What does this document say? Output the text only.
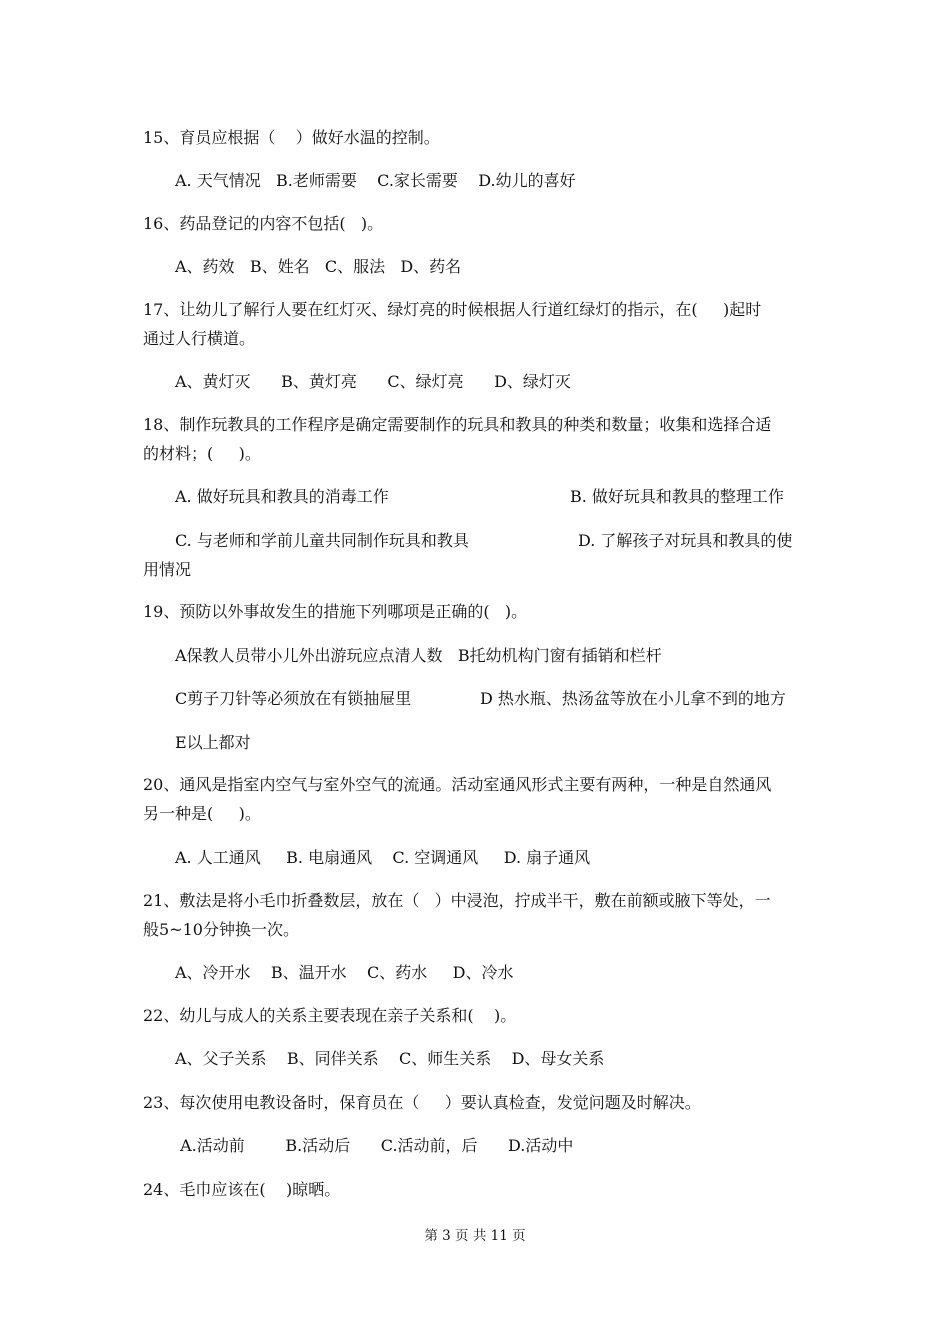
15、育员应根据（    ）做好水温的控制。
A. 天气情况   B.老师需要    C.家长需要    D.幼儿的喜好
16、药品登记的内容不包括(   )。
A、药效   B、姓名   C、服法   D、药名
17、让幼儿了解行人要在红灯灭、绿灯亮的时候根据人行道红绿灯的指示，在(     )起时
通过人行横道。
A、黄灯灭      B、黄灯亮      C、绿灯亮      D、绿灯灭
18、制作玩教具的工作程序是确定需要制作的玩具和教具的种类和数量；收集和选择合适
的材料；(     )。
A. 做好玩具和教具的消毒工作	B. 做好玩具和教具的整理工作
C. 与老师和学前儿童共同制作玩具和教具	D. 了解孩子对玩具和教具的使
用情况
19、预防以外事故发生的措施下列哪项是正确的(   )。
A保教人员带小儿外出游玩应点清人数   B托幼机构门窗有插销和栏杆
C剪子刀针等必须放在有锁抽屉里	D 热水瓶、热汤盆等放在小儿拿不到的地方
E以上都对
20、通风是指室内空气与室外空气的流通。活动室通风形式主要有两种，一种是自然通风
另一种是(     )。
A. 人工通风     B. 电扇通风    C. 空调通风     D. 扇子通风
21、敷法是将小毛巾折叠数层，放在（   ）中浸泡，拧成半干，敷在前额或腋下等处，一
般5~10分钟换一次。
A、冷开水    B、温开水    C、药水     D、冷水
22、幼儿与成人的关系主要表现在亲子关系和(    )。
A、父子关系    B、同伴关系    C、师生关系    D、母女关系
23、每次使用电教设备时，保育员在（     ）要认真检查，发觉问题及时解决。
A.活动前        B.活动后      C.活动前，后      D.活动中
24、毛巾应该在(    )晾晒。
第 3 页 共 11 页
